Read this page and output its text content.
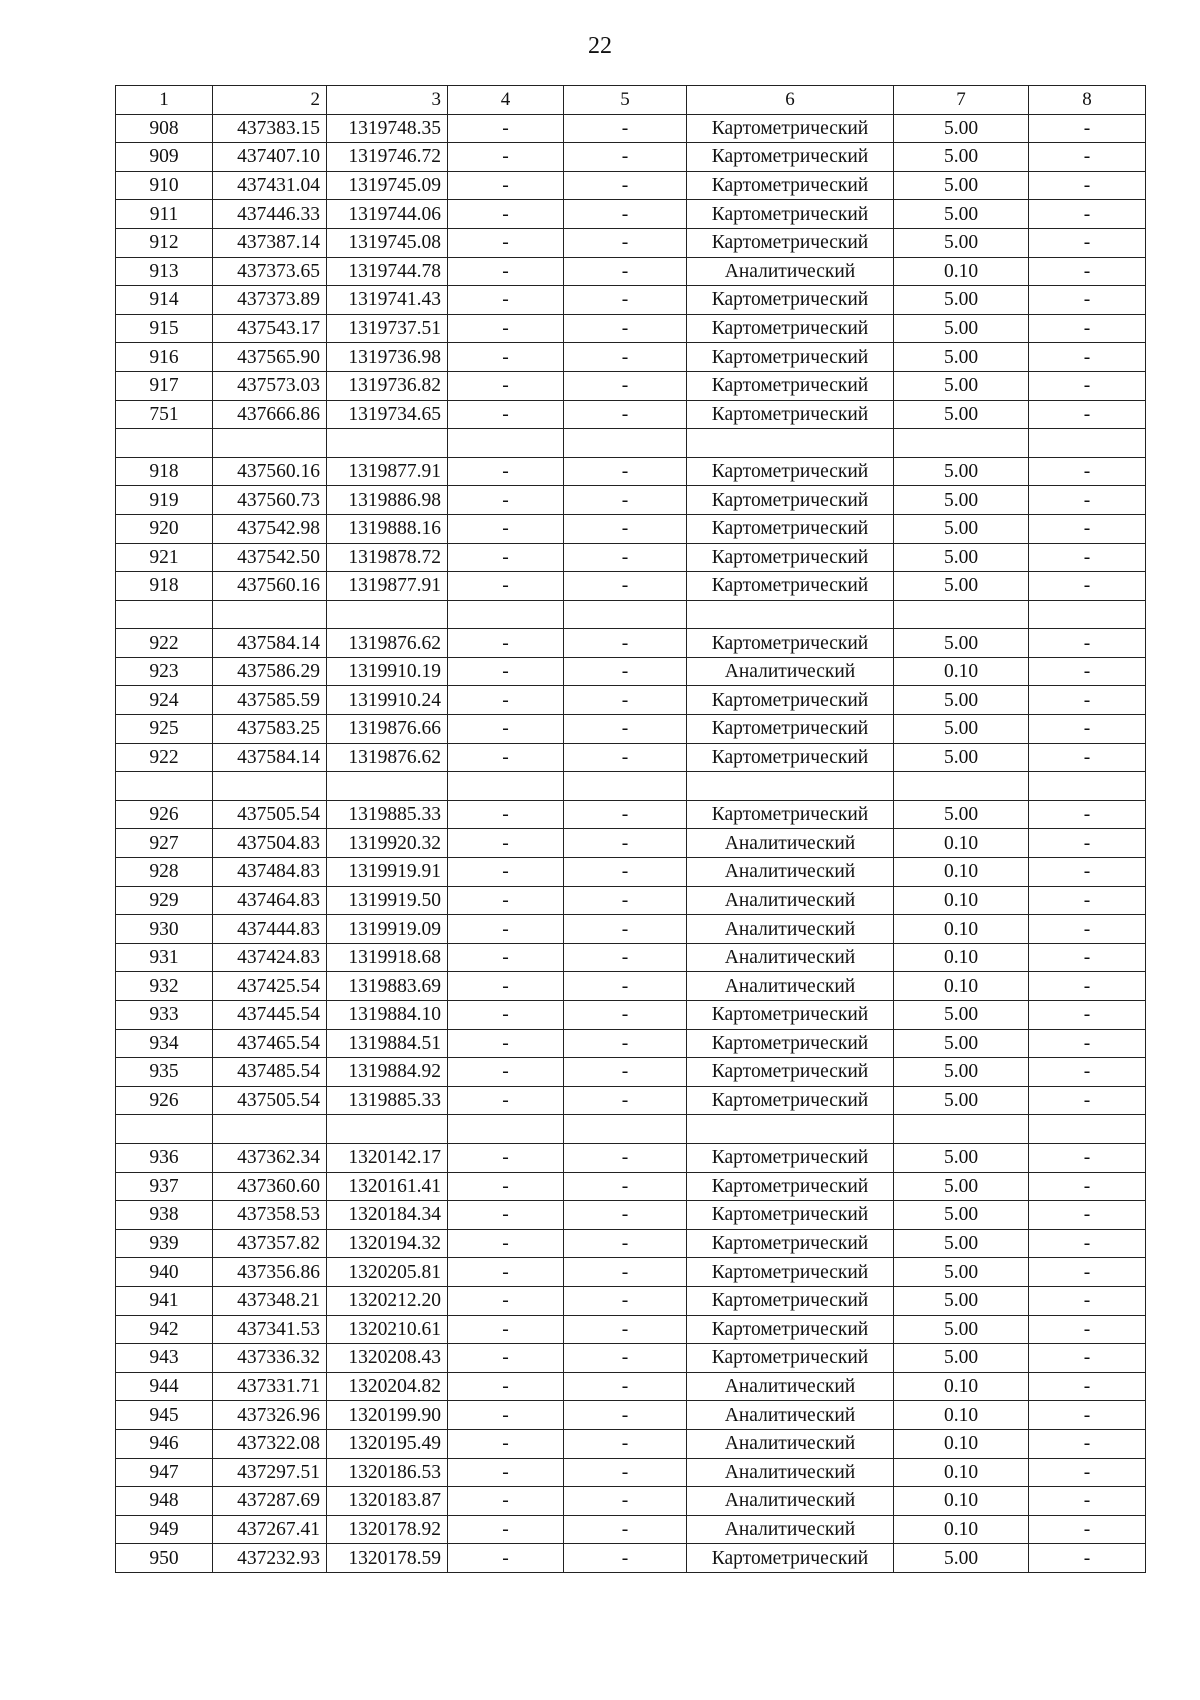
22
1	2	3	4	5	6	7	8
908	437383.15	1319748.35	-	-	Картометрический	5.00	-
909	437407.10	1319746.72	-	-	Картометрический	5.00	-
910	437431.04	1319745.09	-	-	Картометрический	5.00	-
911	437446.33	1319744.06	-	-	Картометрический	5.00	-
912	437387.14	1319745.08	-	-	Картометрический	5.00	-
913	437373.65	1319744.78	-	-	Аналитический	0.10	-
914	437373.89	1319741.43	-	-	Картометрический	5.00	-
915	437543.17	1319737.51	-	-	Картометрический	5.00	-
916	437565.90	1319736.98	-	-	Картометрический	5.00	-
917	437573.03	1319736.82	-	-	Картометрический	5.00	-
751	437666.86	1319734.65	-	-	Картометрический	5.00	-

918	437560.16	1319877.91	-	-	Картометрический	5.00	-
919	437560.73	1319886.98	-	-	Картометрический	5.00	-
920	437542.98	1319888.16	-	-	Картометрический	5.00	-
921	437542.50	1319878.72	-	-	Картометрический	5.00	-
918	437560.16	1319877.91	-	-	Картометрический	5.00	-

922	437584.14	1319876.62	-	-	Картометрический	5.00	-
923	437586.29	1319910.19	-	-	Аналитический	0.10	-
924	437585.59	1319910.24	-	-	Картометрический	5.00	-
925	437583.25	1319876.66	-	-	Картометрический	5.00	-
922	437584.14	1319876.62	-	-	Картометрический	5.00	-

926	437505.54	1319885.33	-	-	Картометрический	5.00	-
927	437504.83	1319920.32	-	-	Аналитический	0.10	-
928	437484.83	1319919.91	-	-	Аналитический	0.10	-
929	437464.83	1319919.50	-	-	Аналитический	0.10	-
930	437444.83	1319919.09	-	-	Аналитический	0.10	-
931	437424.83	1319918.68	-	-	Аналитический	0.10	-
932	437425.54	1319883.69	-	-	Аналитический	0.10	-
933	437445.54	1319884.10	-	-	Картометрический	5.00	-
934	437465.54	1319884.51	-	-	Картометрический	5.00	-
935	437485.54	1319884.92	-	-	Картометрический	5.00	-
926	437505.54	1319885.33	-	-	Картометрический	5.00	-

936	437362.34	1320142.17	-	-	Картометрический	5.00	-
937	437360.60	1320161.41	-	-	Картометрический	5.00	-
938	437358.53	1320184.34	-	-	Картометрический	5.00	-
939	437357.82	1320194.32	-	-	Картометрический	5.00	-
940	437356.86	1320205.81	-	-	Картометрический	5.00	-
941	437348.21	1320212.20	-	-	Картометрический	5.00	-
942	437341.53	1320210.61	-	-	Картометрический	5.00	-
943	437336.32	1320208.43	-	-	Картометрический	5.00	-
944	437331.71	1320204.82	-	-	Аналитический	0.10	-
945	437326.96	1320199.90	-	-	Аналитический	0.10	-
946	437322.08	1320195.49	-	-	Аналитический	0.10	-
947	437297.51	1320186.53	-	-	Аналитический	0.10	-
948	437287.69	1320183.87	-	-	Аналитический	0.10	-
949	437267.41	1320178.92	-	-	Аналитический	0.10	-
950	437232.93	1320178.59	-	-	Картометрический	5.00	-
